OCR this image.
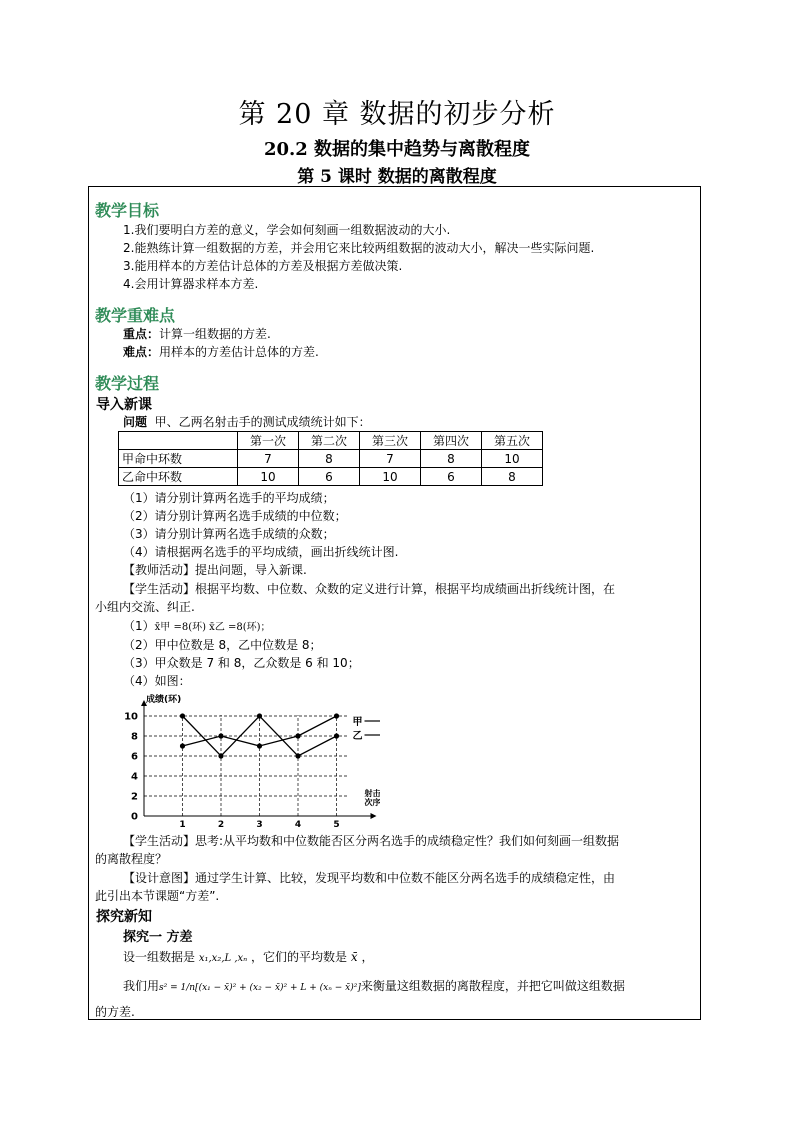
第 20 章 数据的初步分析
20.2 数据的集中趋势与离散程度
第 5 课时 数据的离散程度
教学目标
1.我们要明白方差的意义，学会如何刻画一组数据波动的大小.
2.能熟练计算一组数据的方差，并会用它来比较两组数据的波动大小，解决一些实际问题.
3.能用样本的方差估计总体的方差及根据方差做决策.
4.会用计算器求样本方差.
教学重难点
重点：计算一组数据的方差.
难点：用样本的方差估计总体的方差.
教学过程
导入新课
问题 甲、乙两名射击手的测试成绩统计如下：
	第一次	第二次	第三次	第四次	第五次
甲命中环数	7	8	7	8	10
乙命中环数	10	6	10	6	8
（1）请分别计算两名选手的平均成绩；
（2）请分别计算两名选手成绩的中位数；
（3）请分别计算两名选手成绩的众数；
（4）请根据两名选手的平均成绩，画出折线统计图.
【教师活动】提出问题，导入新课.
【学生活动】根据平均数、中位数、众数的定义进行计算，根据平均成绩画出折线统计图，在
小组内交流、纠正.
（1）x̄甲 =8(环) x̄乙 =8(环)；
（2）甲中位数是 8，乙中位数是 8；
（3）甲众数是 7 和 8，乙众数是 6 和 10；
（4）如图：
0
2
4
6
8
10
1	2	3	4	5
成绩(环)
射击
次序
甲
乙
【学生活动】思考:从平均数和中位数能否区分两名选手的成绩稳定性？我们如何刻画一组数据
的离散程度？
【设计意图】通过学生计算、比较，发现平均数和中位数不能区分两名选手的成绩稳定性，由
此引出本节课题“方差”.
探究新知
探究一 方差
设一组数据是 x₁,x₂,L ,xₙ ，它们的平均数是 x̄ ，
我们用s² = 1/n[(x₁ − x̄)² + (x₂ − x̄)² + L + (xₙ − x̄)²]来衡量这组数据的离散程度，并把它叫做这组数据
的方差.
